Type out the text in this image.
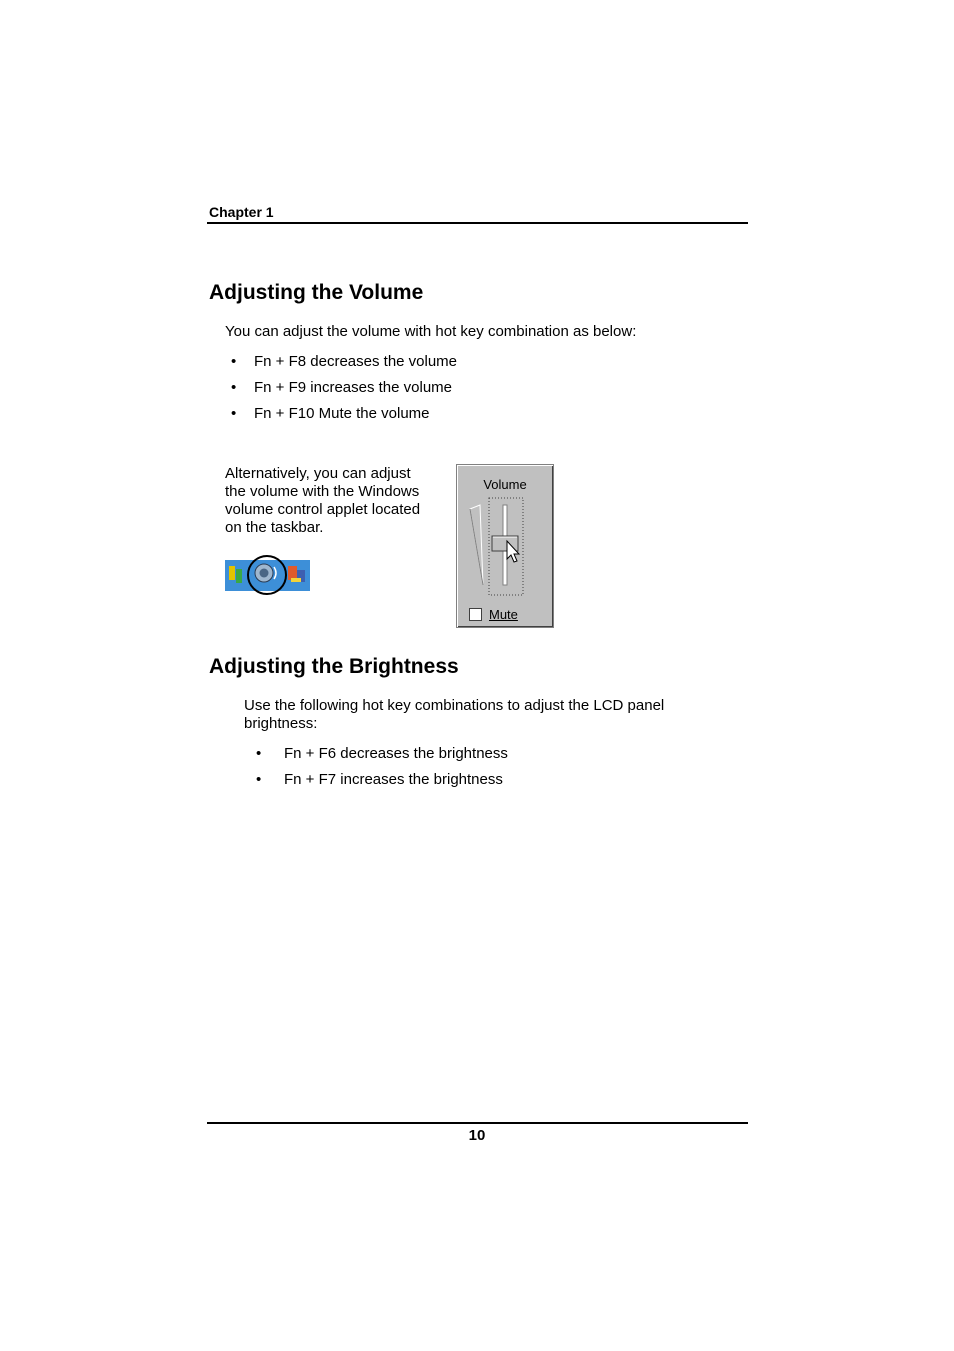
Chapter 1
Adjusting the Volume
You can adjust the volume with hot key combination as below:
• Fn + F8 decreases the volume
• Fn + F9 increases the volume
• Fn + F10 Mute the volume
Alternatively, you can adjust
the volume with the Windows
volume control applet located
on the taskbar.
Volume
Mute
Adjusting the Brightness
Use the following hot key combinations to adjust the LCD panel
brightness:
• Fn + F6 decreases the brightness
• Fn + F7 increases the brightness
10
